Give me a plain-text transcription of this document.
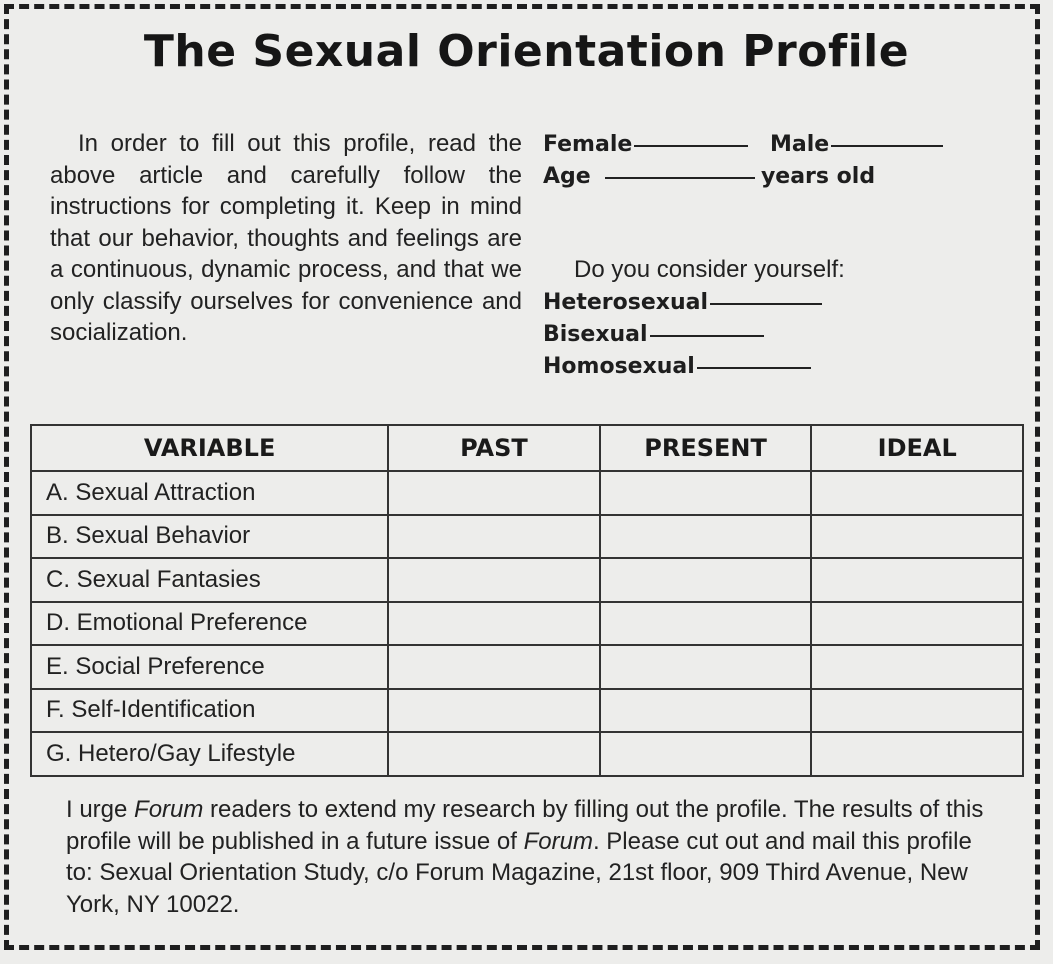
The Sexual Orientation Profile
In order to fill out this profile, read the above article and carefully follow the instructions for completing it. Keep in mind that our behavior, thoughts and feelings are a continuous, dynamic process, and that we only classify ourselves for convenience and socialization.
Female	Male
Age	years old
Do you consider yourself:
Heterosexual
Bisexual
Homosexual
VARIABLE	PAST	PRESENT	IDEAL
A. Sexual Attraction			
B. Sexual Behavior			
C. Sexual Fantasies			
D. Emotional Preference			
E. Social Preference			
F. Self-Identification			
G. Hetero/Gay Lifestyle			
I urge Forum readers to extend my research by filling out the profile. The results of this profile will be published in a future issue of Forum. Please cut out and mail this profile to: Sexual Orientation Study, c/o Forum Magazine, 21st floor, 909 Third Avenue, New York, NY 10022.
